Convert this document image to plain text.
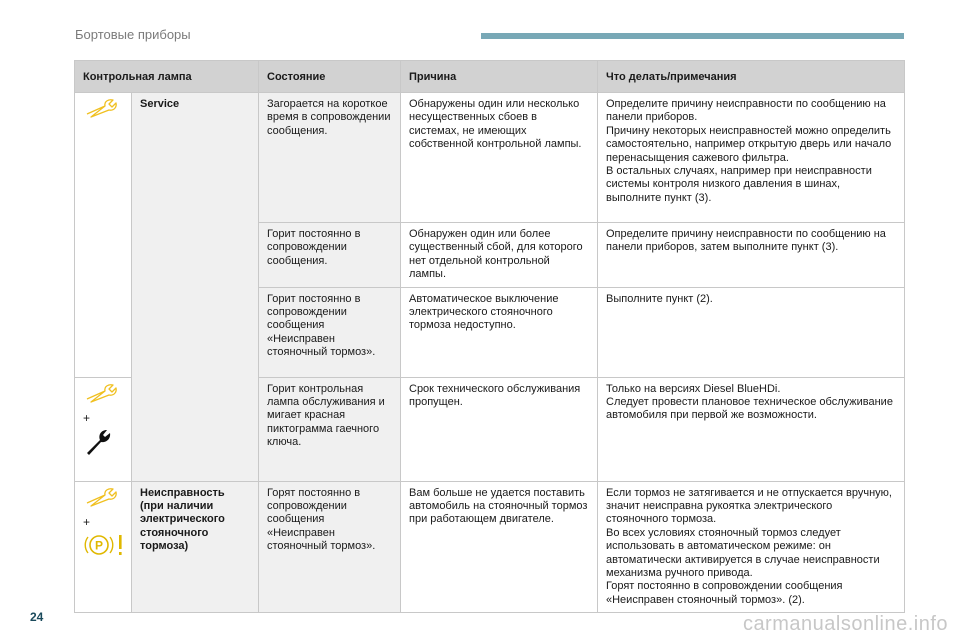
Бортовые приборы
Контрольная лампа		Состояние	Причина	Что делать/примечания

	Service	Загорается на короткое время в сопровождении сообщения.	Обнаружены один или несколько несущественных сбоев в системах, не имеющих собственной контрольной лампы.	Определите причину неисправности по сообщению на панели приборов.
Причину некоторых неисправностей можно определить самостоятельно, например открытую дверь или начало перенасыщения сажевого фильтра.
В остальных случаях, например при неисправности системы контроля низкого давления в шинах, выполните пункт (3).
		Горит постоянно в сопровождении сообщения.	Обнаружен один или более существенный сбой, для которого нет отдельной контрольной лампы.	Определите причину неисправности по сообщению на панели приборов, затем выполните пункт (3).
		Горит постоянно в сопровождении сообщения «Неисправен стояночный тормоз».	Автоматическое выключение электрического стояночного тормоза недоступно.	Выполните пункт (2).

+		Горит контрольная лампа обслуживания и мигает красная пиктограмма гаечного ключа.	Срок технического обслуживания пропущен.	Только на версиях Diesel BlueHDi.
Следует провести плановое техническое обслуживание автомобиля при первой же возможности.

+
P	Неисправность (при наличии электрического стояночного тормоза)	Горят постоянно в сопровождении сообщения «Неисправен стояночный тормоз».	Вам больше не удается поставить автомобиль на стояночный тормоз при работающем двигателе.	Если тормоз не затягивается и не отпускается вручную, значит неисправна рукоятка электрического стояночного тормоза.
Во всех условиях стояночный тормоз следует использовать в автоматическом режиме: он автоматически активируется в случае неисправности механизма ручного привода.
Горят постоянно в сопровождении сообщения «Неисправен стояночный тормоз». (2).
24	carmanualsonline.info
